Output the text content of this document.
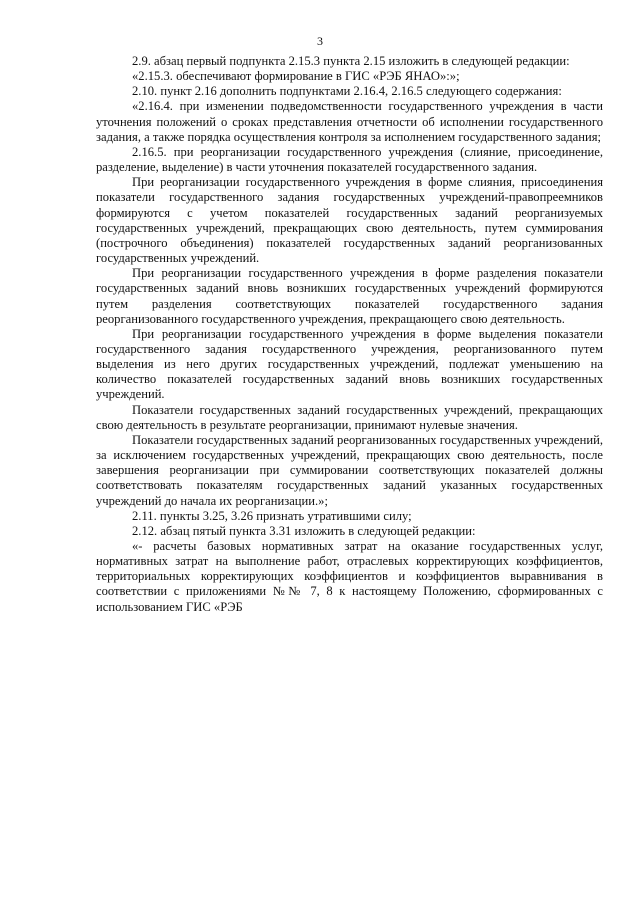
3

2.9. абзац первый подпункта 2.15.3 пункта 2.15 изложить в следующей редакции:

«2.15.3. обеспечивают формирование в ГИС «РЭБ ЯНАО»:»;

2.10. пункт 2.16 дополнить подпунктами 2.16.4, 2.16.5 следующего содержания:

«2.16.4. при изменении подведомственности государственного учреждения в части уточнения положений о сроках представления отчетности об исполнении государственного задания, а также порядка осуществления контроля за исполнением государственного задания;

2.16.5. при реорганизации государственного учреждения (слияние, присоединение, разделение, выделение) в части уточнения показателей государственного задания.

При реорганизации государственного учреждения в форме слияния, присоединения показатели государственного задания государственных учреждений-правопреемников формируются с учетом показателей государственных заданий реорганизуемых государственных учреждений, прекращающих свою деятельность, путем суммирования (построчного объединения) показателей государственных заданий реорганизованных государственных учреждений.

При реорганизации государственного учреждения в форме разделения показатели государственных заданий вновь возникших государственных учреждений формируются путем разделения соответствующих показателей государственного задания реорганизованного государственного учреждения, прекращающего свою деятельность.

При реорганизации государственного учреждения в форме выделения показатели государственного задания государственного учреждения, реорганизованного путем выделения из него других государственных учреждений, подлежат уменьшению на количество показателей государственных заданий вновь возникших государственных учреждений.

Показатели государственных заданий государственных учреждений, прекращающих свою деятельность в результате реорганизации, принимают нулевые значения.

Показатели государственных заданий реорганизованных государственных учреждений, за исключением государственных учреждений, прекращающих свою деятельность, после завершения реорганизации при суммировании соответствующих показателей должны соответствовать показателям государственных заданий указанных государственных учреждений до начала их реорганизации.»;

2.11. пункты 3.25, 3.26 признать утратившими силу;

2.12. абзац пятый пункта 3.31 изложить в следующей редакции:

«- расчеты базовых нормативных затрат на оказание государственных услуг, нормативных затрат на выполнение работ, отраслевых корректирующих коэффициентов, территориальных корректирующих коэффициентов и коэффициентов выравнивания в соответствии с приложениями №№ 7, 8 к настоящему Положению, сформированных с использованием ГИС «РЭБ
